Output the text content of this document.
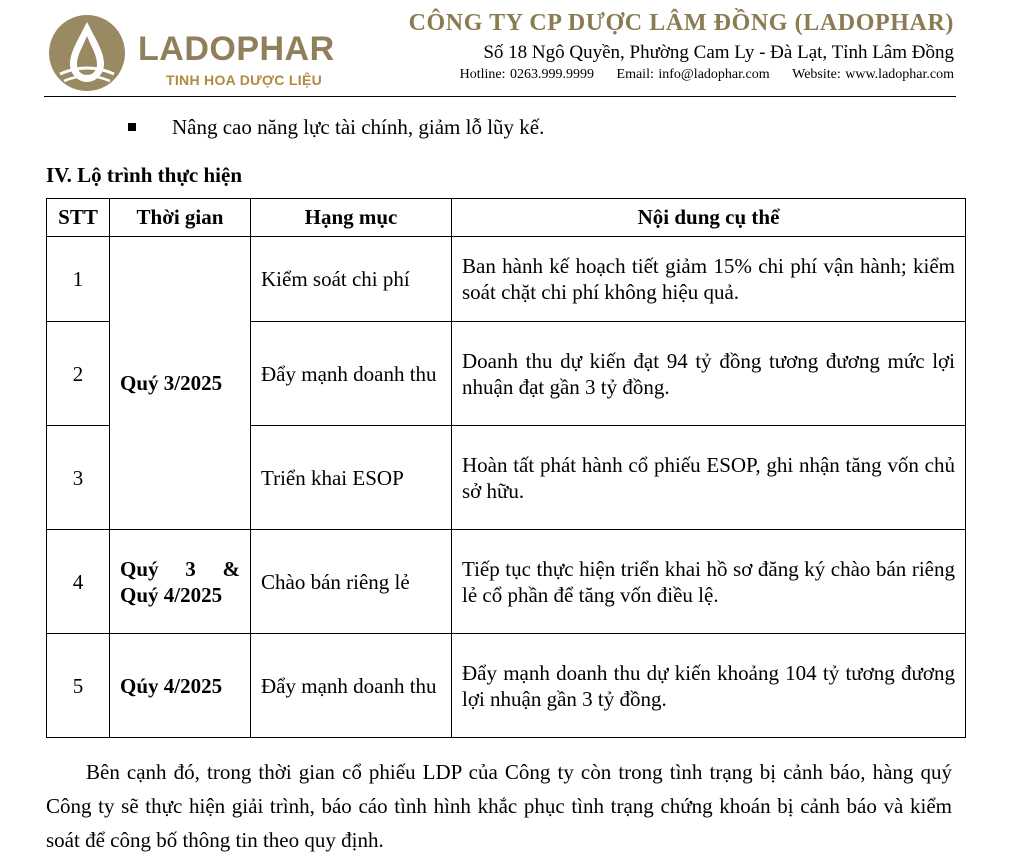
LADOPHAR
TINH HOA DƯỢC LIỆU
CÔNG TY CP DƯỢC LÂM ĐỒNG (LADOPHAR)
Số 18 Ngô Quyền, Phường Cam Ly - Đà Lạt, Tỉnh Lâm Đồng
Hotline: 0263.999.9999 Email: info@ladophar.com Website: www.ladophar.com
Nâng cao năng lực tài chính, giảm lỗ lũy kế.
IV. Lộ trình thực hiện
STT	Thời gian	Hạng mục	Nội dung cụ thể
1	Quý 3/2025	Kiểm soát chi phí	Ban hành kế hoạch tiết giảm 15% chi phí vận hành; kiểm soát chặt chi phí không hiệu quả.
2		Đẩy mạnh doanh thu	Doanh thu dự kiến đạt 94 tỷ đồng tương đương mức lợi nhuận đạt gần 3 tỷ đồng.
3		Triển khai ESOP	Hoàn tất phát hành cổ phiếu ESOP, ghi nhận tăng vốn chủ sở hữu.
4	Quý 3 & Quý 4/2025	Chào bán riêng lẻ	Tiếp tục thực hiện triển khai hồ sơ đăng ký chào bán riêng lẻ cổ phần để tăng vốn điều lệ.
5	Qúy 4/2025	Đẩy mạnh doanh thu	Đẩy mạnh doanh thu dự kiến khoảng 104 tỷ tương đương lợi nhuận gần 3 tỷ đồng.
Bên cạnh đó, trong thời gian cổ phiếu LDP của Công ty còn trong tình trạng bị cảnh báo, hàng quý Công ty sẽ thực hiện giải trình, báo cáo tình hình khắc phục tình trạng chứng khoán bị cảnh báo và kiểm soát để công bố thông tin theo quy định.
